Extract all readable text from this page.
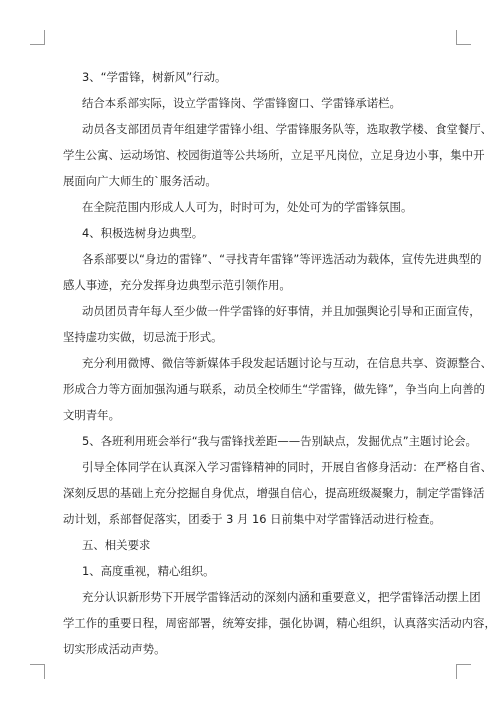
3、“学雷锋，树新风”行动。
结合本系部实际，设立学雷锋岗、学雷锋窗口、学雷锋承诺栏。
动员各支部团员青年组建学雷锋小组、学雷锋服务队等，选取教学楼、食堂餐厅、
学生公寓、运动场馆、校园街道等公共场所，立足平凡岗位，立足身边小事，集中开
展面向广大师生的`服务活动。
在全院范围内形成人人可为，时时可为，处处可为的学雷锋氛围。
4、积极选树身边典型。
各系部要以“身边的雷锋”、“寻找青年雷锋”等评选活动为载体，宣传先进典型的
感人事迹，充分发挥身边典型示范引领作用。
动员团员青年每人至少做一件学雷锋的好事情，并且加强舆论引导和正面宣传，
坚持虚功实做，切忌流于形式。
充分利用微博、微信等新媒体手段发起话题讨论与互动，在信息共享、资源整合、
形成合力等方面加强沟通与联系，动员全校师生“学雷锋，做先锋”，争当向上向善的
文明青年。
5、各班利用班会举行“我与雷锋找差距——告别缺点，发掘优点”主题讨论会。
引导全体同学在认真深入学习雷锋精神的同时，开展自省修身活动：在严格自省、
深刻反思的基础上充分挖掘自身优点，增强自信心，提高班级凝聚力，制定学雷锋活
动计划，系部督促落实，团委于 3 月 16 日前集中对学雷锋活动进行检查。
五、相关要求
1、高度重视，精心组织。
充分认识新形势下开展学雷锋活动的深刻内涵和重要意义，把学雷锋活动摆上团
学工作的重要日程，周密部署，统筹安排，强化协调，精心组织，认真落实活动内容，
切实形成活动声势。
